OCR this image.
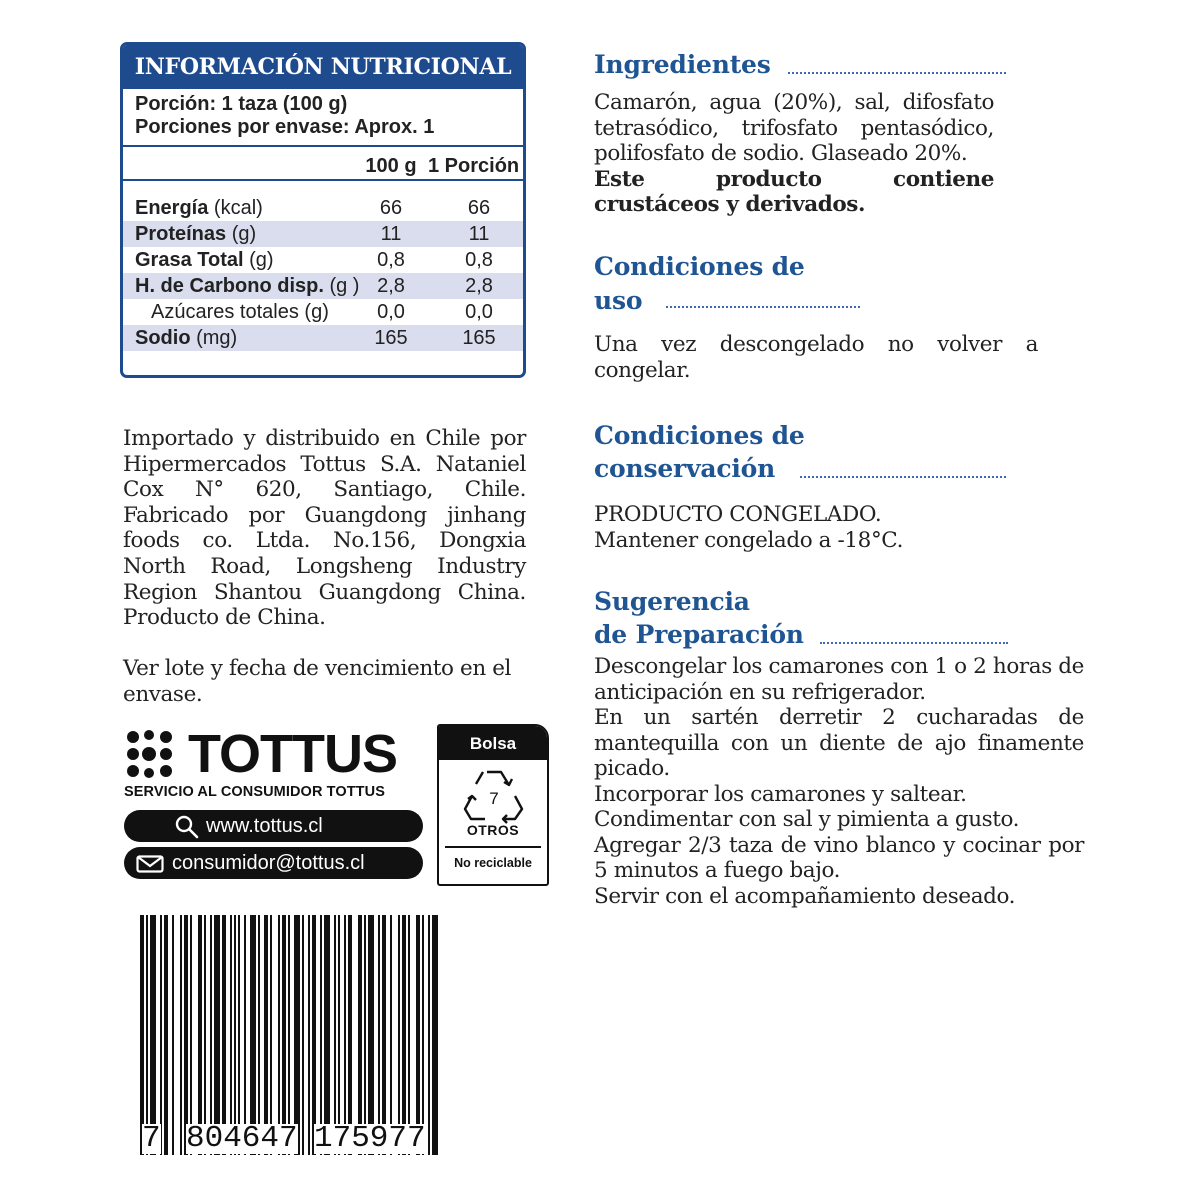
INFORMACIÓN NUTRICIONAL
Porción: 1 taza (100 g)
Porciones por envase: Aprox. 1
100 g 1 Porción
Energía (kcal)	66	66
Proteínas (g)	11	11
Grasa Total (g)	0,8	0,8
H. de Carbono disp. (g ) 2,8	2,8
Azúcares totales (g)	0,0	0,0
Sodio (mg)	165	165
Importado y distribuido en Chile por Hipermercados Tottus S.A. Nataniel Cox N° 620, Santiago, Chile. Fabricado por Guangdong jinhang foods co. Ltda. No.156, Dongxia North Road, Longsheng Industry Region Shantou Guangdong China. Producto de China.
Ver lote y fecha de vencimiento en el envase.
TOTTUS
SERVICIO AL CONSUMIDOR TOTTUS
www.tottus.cl
consumidor@tottus.cl
Bolsa
7
OTROS
No reciclable
7 804647 175977
Ingredientes

Camarón, agua (20%), sal, difosfato tetrasódico, trifosfato pentasódico, polifosfato de sodio. Glaseado 20%.

Este producto contiene crustáceos y derivados.

Condiciones de
uso
Una vez descongelado no volver a congelar.
Condiciones de
conservación

PRODUCTO CONGELADO.

Mantener congelado a -18°C.

Sugerencia
de Preparación

Descongelar los camarones con 1 o 2 horas de anticipación en su refrigerador.

En un sartén derretir 2 cucharadas de mantequilla con un diente de ajo finamente picado.

Incorporar los camarones y saltear.

Condimentar con sal y pimienta a gusto.

Agregar 2/3 taza de vino blanco y cocinar por 5 minutos a fuego bajo.

Servir con el acompañamiento deseado.
